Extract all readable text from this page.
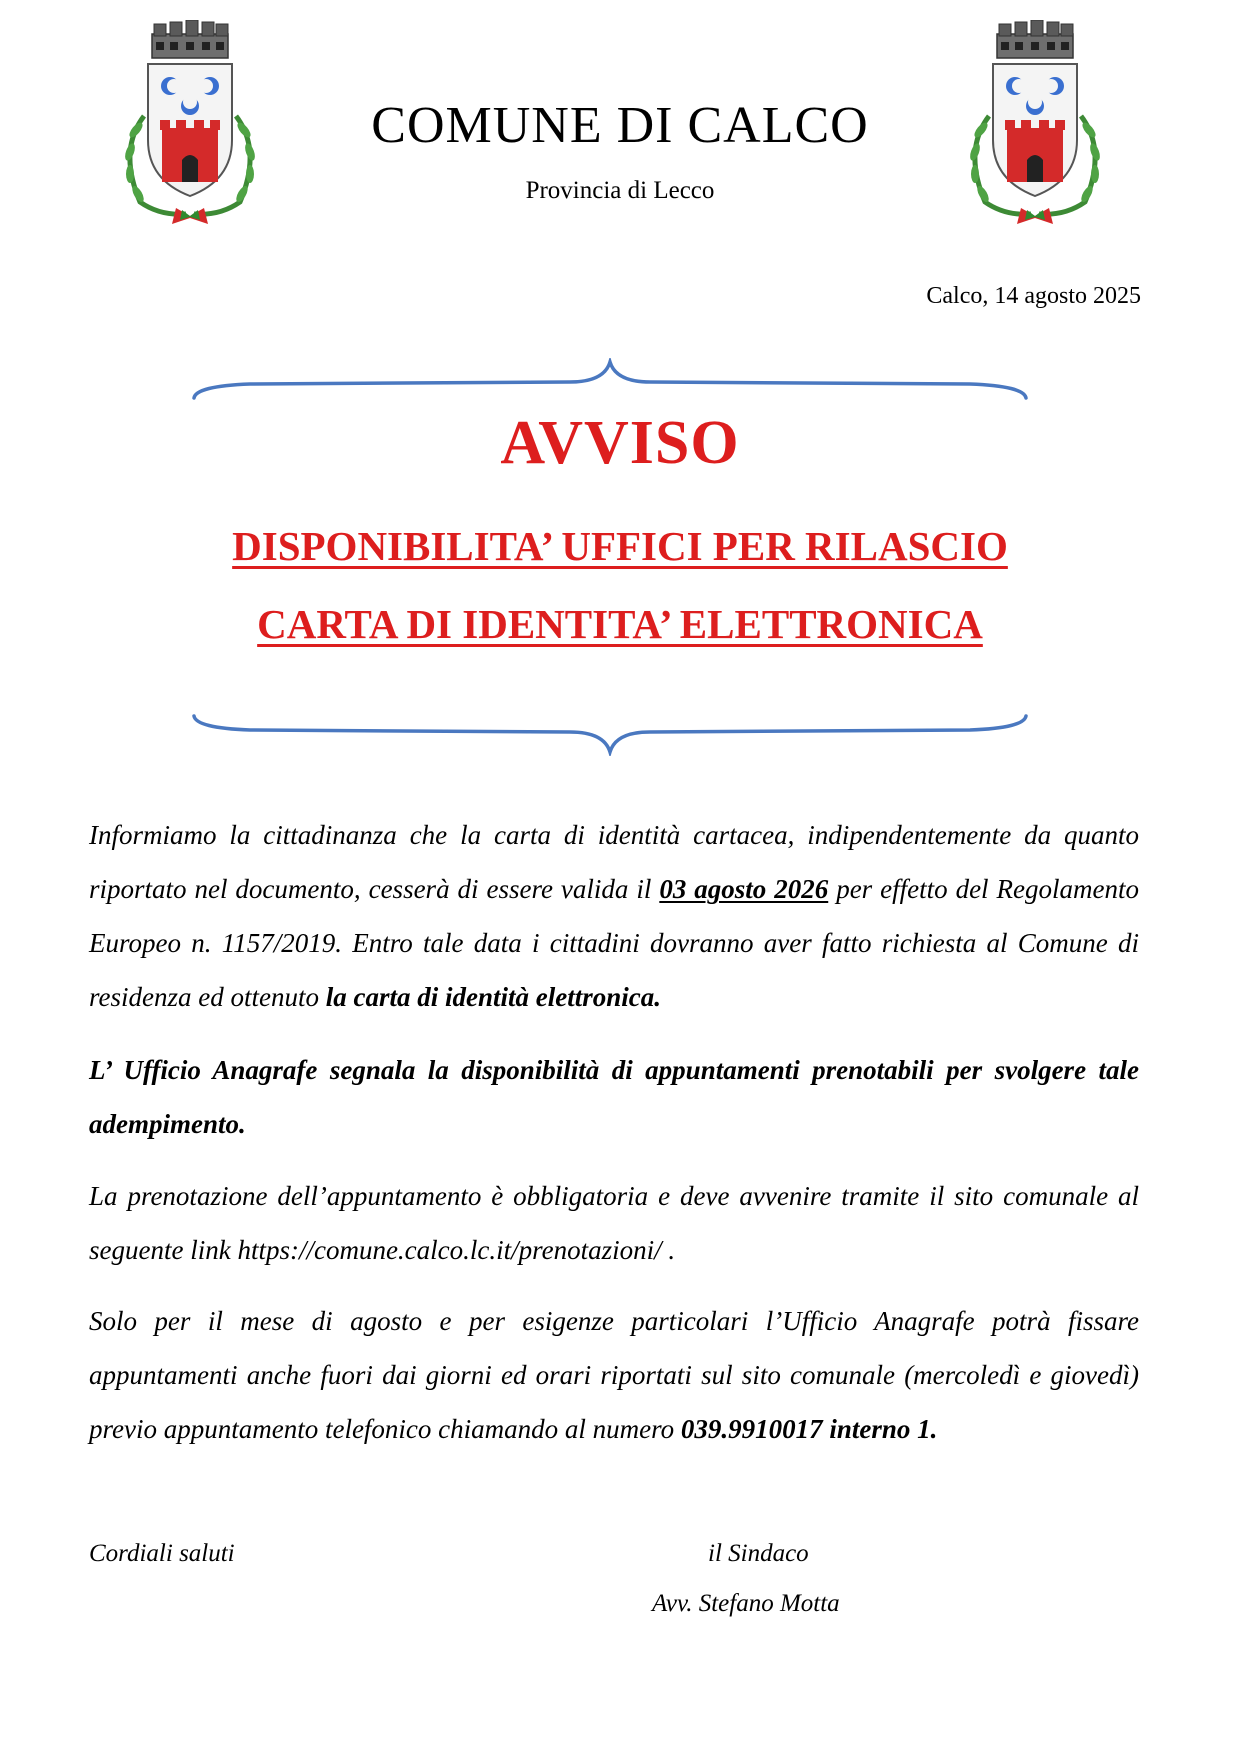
COMUNE DI CALCO
Provincia di Lecco
Calco, 14 agosto 2025
AVVISO
DISPONIBILITA’ UFFICI PER RILASCIO
CARTA DI IDENTITA’ ELETTRONICA

Informiamo la cittadinanza che la carta di identità cartacea, indipendentemente da quanto riportato nel documento, cesserà di essere valida il 03 agosto 2026 per effetto del Regolamento Europeo n. 1157/2019. Entro tale data i cittadini dovranno aver fatto richiesta al Comune di residenza ed ottenuto la carta di identità elettronica.

L’ Ufficio Anagrafe segnala la disponibilità di appuntamenti prenotabili per svolgere tale adempimento.

La prenotazione dell’appuntamento è obbligatoria e deve avvenire tramite il sito comunale al seguente link https://comune.calco.lc.it/prenotazioni/ .

Solo per il mese di agosto e per esigenze particolari l’Ufficio Anagrafe potrà fissare appuntamenti anche fuori dai giorni ed orari riportati sul sito comunale (mercoledì e giovedì) previo appuntamento telefonico chiamando al numero 039.9910017 interno 1.

Cordiali saluti	il Sindaco
Avv. Stefano Motta
